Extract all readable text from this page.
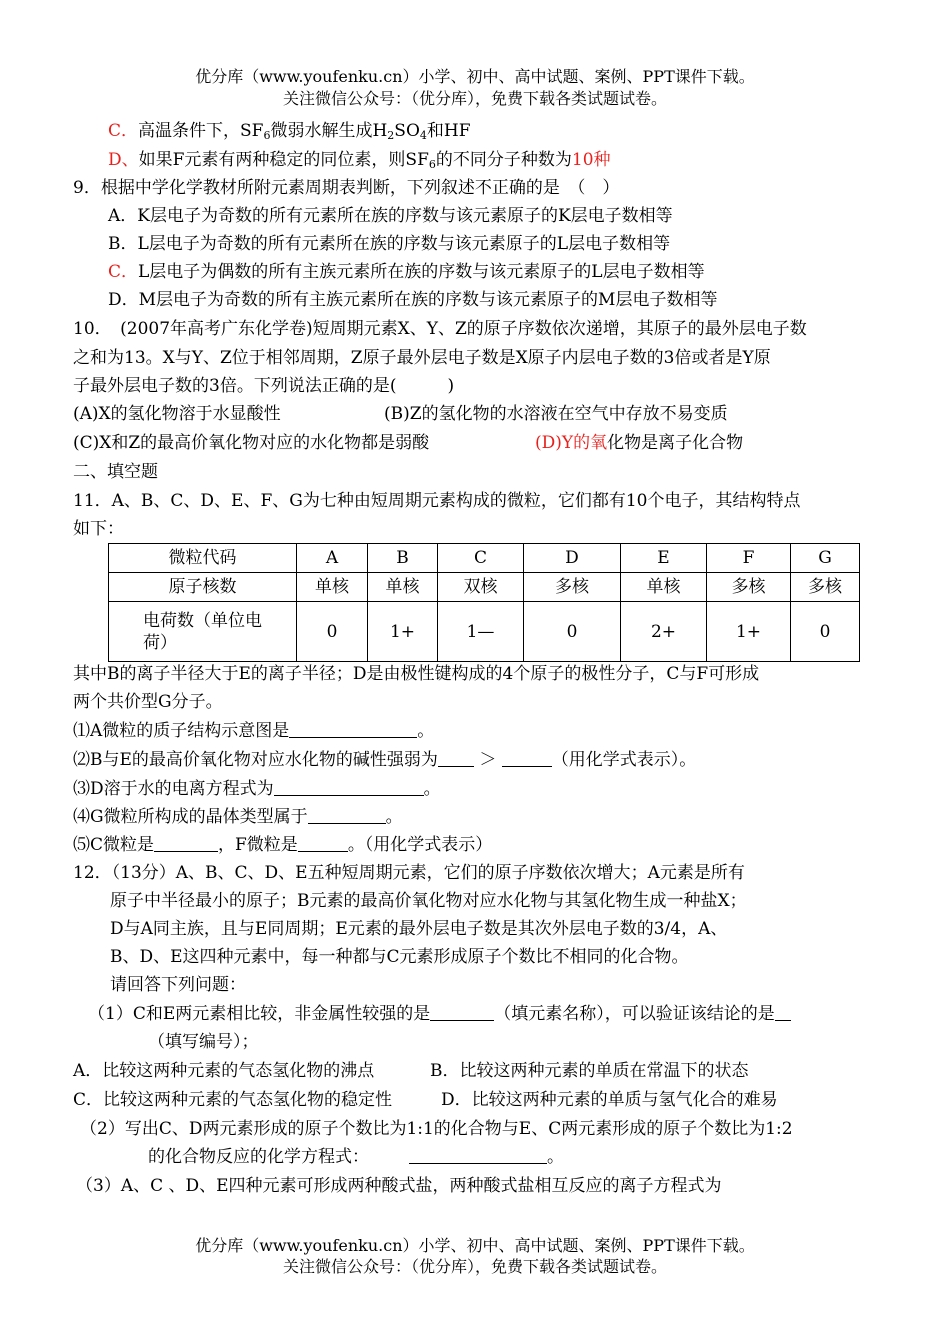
优分库（www.youfenku.cn）小学、初中、高中试题、案例、PPT课件下载。
关注微信公众号：（优分库），免费下载各类试题试卷。
C．高温条件下，$SF_6$微弱水解生成$H_2SO_4$和HF
D、如果F元素有两种稳定的同位素，则$SF_6$的不同分子种数为10种
9．根据中学化学教材所附元素周期表判断，下列叙述不正确的是　（　）
A．K层电子为奇数的所有元素所在族的序数与该元素原子的K层电子数相等
B．L层电子为奇数的所有元素所在族的序数与该元素原子的L层电子数相等
C．L层电子为偶数的所有主族元素所在族的序数与该元素原子的L层电子数相等
D．M层电子为奇数的所有主族元素所在族的序数与该元素原子的M层电子数相等
10．　(2007年高考广东化学卷)短周期元素X、Y、Z的原子序数依次递增，其原子的最外层电子数
之和为13。X与Y、Z位于相邻周期，Z原子最外层电子数是X原子内层电子数的3倍或者是Y原
子最外层电子数的3倍。下列说法正确的是(　　　)
(A)X的氢化物溶于水显酸性	(B)Z的氢化物的水溶液在空气中存放不易变质
(C)X和Z的最高价氧化物对应的水化物都是弱酸	(D)Y的氧化物是离子化合物
二、填空题
11．A、B、C、D、E、F、G为七种由短周期元素构成的微粒，它们都有10个电子，其结构特点
如下：
微粒代码	A	B	C	D	E	F	G
原子核数	单核	单核	双核	多核	单核	多核	多核

电荷数（单位电
荷）	0	1+	1—	0	2+	1+	0
其中B的离子半径大于E的离子半径；D是由极性键构成的4个原子的极性分子，C与F可形成
两个共价型G分子。
⑴A微粒的质子结构示意图是	。
⑵B与E的最高价氧化物对应水化物的碱性强弱为 ＞	（用化学式表示）。
⑶D溶于水的电离方程式为	。
⑷G微粒所构成的晶体类型属于	。
⑸C微粒是	，F微粒是	。（用化学式表示）
12．（13分）A、B、C、D、E五种短周期元素，它们的原子序数依次增大；A元素是所有
原子中半径最小的原子；B元素的最高价氧化物对应水化物与其氢化物生成一种盐X；
D与A同主族，且与E同周期；E元素的最外层电子数是其次外层电子数的3/4，A、
B、D、E这四种元素中，每一种都与C元素形成原子个数比不相同的化合物。
请回答下列问题：
（1）C和E两元素相比较，非金属性较强的是	（填元素名称），可以验证该结论的是
（填写编号）；
A．比较这两种元素的气态氢化物的沸点	B．比较这两种元素的单质在常温下的状态
C．比较这两种元素的气态氢化物的稳定性	D．比较这两种元素的单质与氢气化合的难易
（2）写出C、D两元素形成的原子个数比为1:1的化合物与E、C两元素形成的原子个数比为1:2
的化合物反应的化学方程式：	。
（3）A、C 、D、E四种元素可形成两种酸式盐，两种酸式盐相互反应的离子方程式为
优分库（www.youfenku.cn）小学、初中、高中试题、案例、PPT课件下载。
关注微信公众号：（优分库），免费下载各类试题试卷。
